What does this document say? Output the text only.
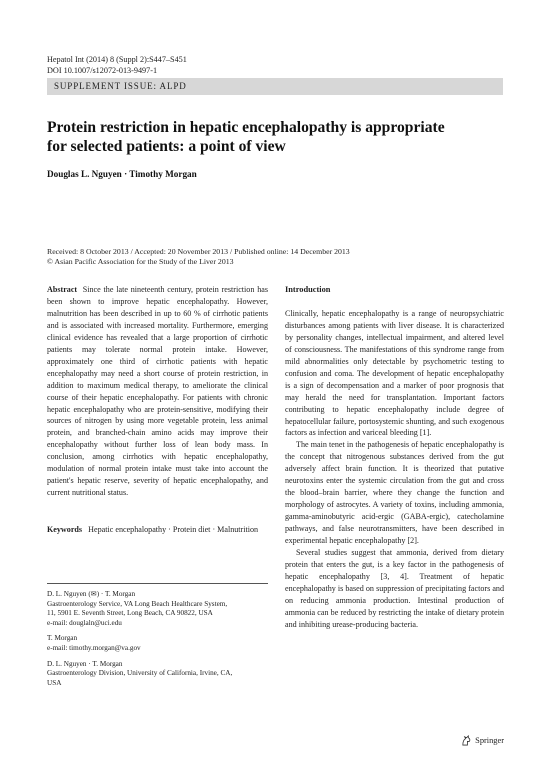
Hepatol Int (2014) 8 (Suppl 2):S447–S451
DOI 10.1007/s12072-013-9497-1
SUPPLEMENT ISSUE: ALPD
Protein restriction in hepatic encephalopathy is appropriate
for selected patients: a point of view
Douglas L. Nguyen · Timothy Morgan
Received: 8 October 2013 / Accepted: 20 November 2013 / Published online: 14 December 2013
© Asian Pacific Association for the Study of the Liver 2013

Abstract Since the late nineteenth century, protein restriction has been shown to improve hepatic encephalopathy. However, malnutrition has been described in up to 60 % of cirrhotic patients and is associated with increased mortality. Furthermore, emerging clinical evidence has revealed that a large proportion of cirrhotic patients may tolerate normal protein intake. However, approximately one third of cirrhotic patients with hepatic encephalopathy may need a short course of protein restriction, in addition to maximum medical therapy, to ameliorate the clinical course of their hepatic encephalopathy. For patients with chronic hepatic encephalopathy who are protein-sensitive, modifying their sources of nitrogen by using more vegetable protein, less animal protein, and branched-chain amino acids may improve their encephalopathy without further loss of lean body mass. In conclusion, among cirrhotics with hepatic encephalopathy, modulation of normal protein intake must take into account the patient's hepatic reserve, severity of hepatic encephalopathy, and current nutritional status.

Keywords Hepatic encephalopathy · Protein diet · Malnutrition

D. L. Nguyen (✉) · T. Morgan
Gastroenterology Service, VA Long Beach Healthcare System,
11, 5901 E. Seventh Street, Long Beach, CA 90822, USA
e-mail: douglaln@uci.edu

T. Morgan
e-mail: timothy.morgan@va.gov

D. L. Nguyen · T. Morgan
Gastroenterology Division, University of California, Irvine, CA,
USA

Introduction

Clinically, hepatic encephalopathy is a range of neuropsychiatric disturbances among patients with liver disease. It is characterized by personality changes, intellectual impairment, and altered level of consciousness. The manifestations of this syndrome range from mild abnormalities only detectable by psychometric testing to confusion and coma. The development of hepatic encephalopathy is a sign of decompensation and a marker of poor prognosis that may herald the need for transplantation. Important factors contributing to hepatic encephalopathy include degree of hepatocellular failure, portosystemic shunting, and such exogenous factors as infection and variceal bleeding [1].

The main tenet in the pathogenesis of hepatic encephalopathy is the concept that nitrogenous substances derived from the gut adversely affect brain function. It is theorized that putative neurotoxins enter the systemic circulation from the gut and cross the blood–brain barrier, where they change the function and morphology of astrocytes. A variety of toxins, including ammonia, gamma-aminobutyric acid-ergic (GABA-ergic), catecholamine pathways, and false neurotransmitters, have been described in experimental hepatic encephalopathy [2].

Several studies suggest that ammonia, derived from dietary protein that enters the gut, is a key factor in the pathogenesis of hepatic encephalopathy [3, 4]. Treatment of hepatic encephalopathy is based on suppression of precipitating factors and on reducing ammonia production. Intestinal production of ammonia can be reduced by restricting the intake of dietary protein and inhibiting urease-producing bacteria.

Springer
